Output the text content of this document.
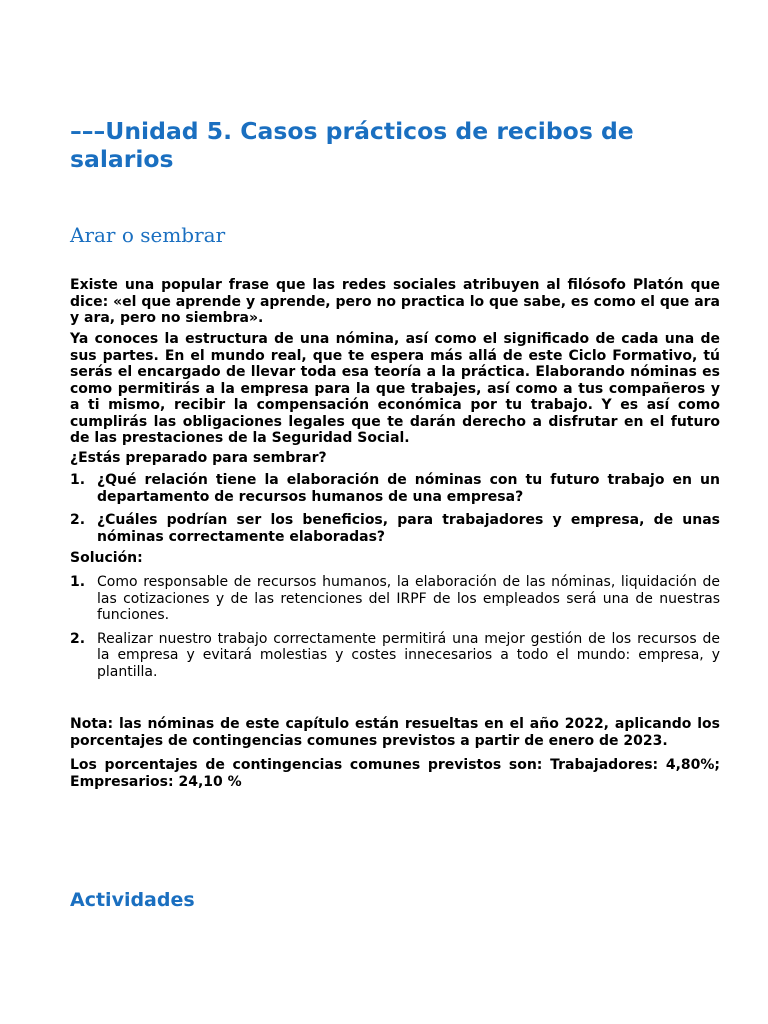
–––Unidad 5. Casos prácticos de recibos de salarios
Arar o sembrar

Existe una popular frase que las redes sociales atribuyen al filósofo Platón que dice: «el que aprende y aprende, pero no practica lo que sabe, es como el que ara y ara, pero no siembra».

Ya conoces la estructura de una nómina, así como el significado de cada una de sus partes. En el mundo real, que te espera más allá de este Ciclo Formativo, tú serás el encargado de llevar toda esa teoría a la práctica. Elaborando nóminas es como permitirás a la empresa para la que trabajes, así como a tus compañeros y a ti mismo, recibir la compensación económica por tu trabajo. Y es así como cumplirás las obligaciones legales que te darán derecho a disfrutar en el futuro de las prestaciones de la Seguridad Social.

¿Estás preparado para sembrar?

1. ¿Qué relación tiene la elaboración de nóminas con tu futuro trabajo en un departamento de recursos humanos de una empresa?
2. ¿Cuáles podrían ser los beneficios, para trabajadores y empresa, de unas nóminas correctamente elaboradas?

Solución:

1. Como responsable de recursos humanos, la elaboración de las nóminas, liquidación de las cotizaciones y de las retenciones del IRPF de los empleados será una de nuestras funciones.
2. Realizar nuestro trabajo correctamente permitirá una mejor gestión de los recursos de la empresa y evitará molestias y costes innecesarios a todo el mundo: empresa, y plantilla.

Nota: las nóminas de este capítulo están resueltas en el año 2022, aplicando los porcentajes de contingencias comunes previstos a partir de enero de 2023.

Los porcentajes de contingencias comunes previstos son: Trabajadores: 4,80%; Empresarios: 24,10 %

Actividades
